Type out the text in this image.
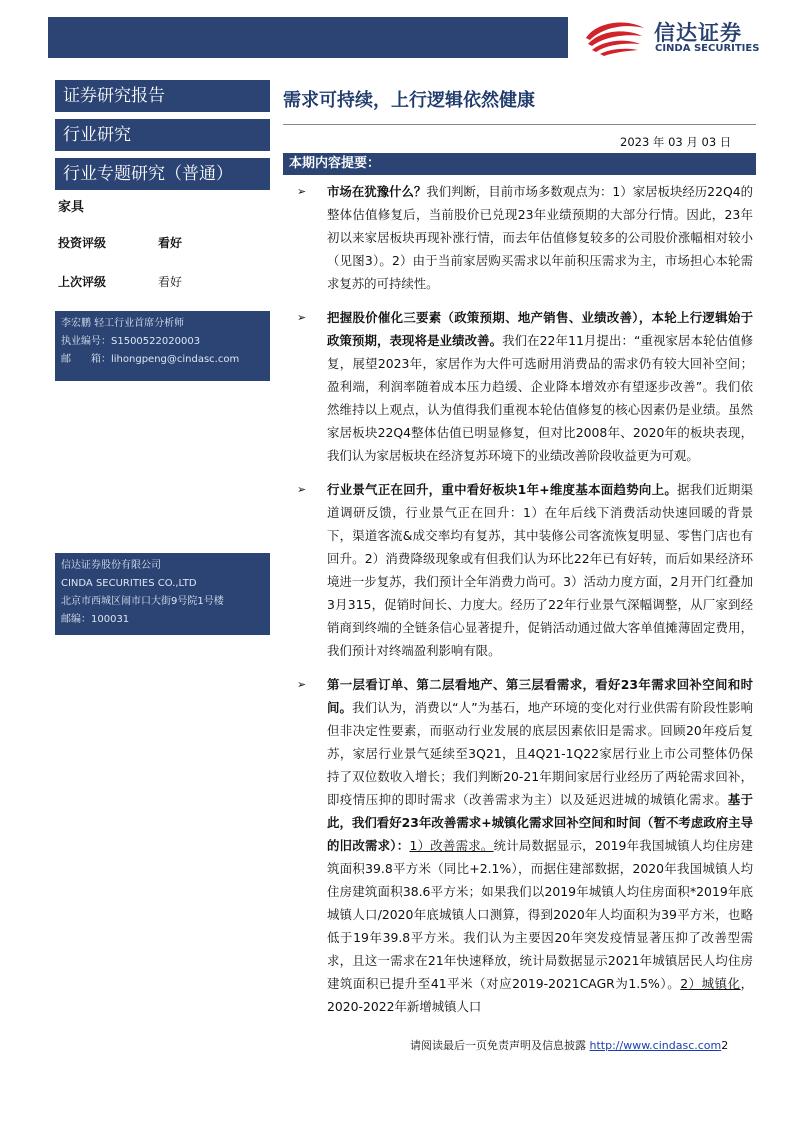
信达证券
CINDA SECURITIES
证券研究报告
行业研究
行业专题研究（普通）
家具
投资评级	看好
上次评级	看好
李宏鹏 轻工行业首席分析师
执业编号：S1500522020003
邮　　箱：lihongpeng@cindasc.com
信达证券股份有限公司
CINDA SECURITIES CO.,LTD
北京市西城区闹市口大街9号院1号楼
邮编：100031
需求可持续，上行逻辑依然健康
2023 年 03 月 03 日
本期内容提要：
➢ 市场在犹豫什么？我们判断，目前市场多数观点为：1）家居板块经历22Q4的整体估值修复后，当前股价已兑现23年业绩预期的大部分行情。因此，23年初以来家居板块再现补涨行情，而去年估值修复较多的公司股价涨幅相对较小（见图3）。2）由于当前家居购买需求以年前积压需求为主，市场担心本轮需求复苏的可持续性。
➢ 把握股价催化三要素（政策预期、地产销售、业绩改善），本轮上行逻辑始于政策预期，表现将是业绩改善。我们在22年11月提出：“重视家居本轮估值修复，展望2023年，家居作为大件可选耐用消费品的需求仍有较大回补空间；盈利端，利润率随着成本压力趋缓、企业降本增效亦有望逐步改善”。我们依然维持以上观点，认为值得我们重视本轮估值修复的核心因素仍是业绩。虽然家居板块22Q4整体估值已明显修复，但对比2008年、2020年的板块表现，我们认为家居板块在经济复苏环境下的业绩改善阶段收益更为可观。
➢ 行业景气正在回升，重中看好板块1年+维度基本面趋势向上。据我们近期渠道调研反馈，行业景气正在回升：1）在年后线下消费活动快速回暖的背景下，渠道客流&成交率均有复苏，其中装修公司客流恢复明显、零售门店也有回升。2）消费降级现象或有但我们认为环比22年已有好转，而后如果经济环境进一步复苏，我们预计全年消费力尚可。3）活动力度方面，2月开门红叠加3月315，促销时间长、力度大。经历了22年行业景气深幅调整，从厂家到经销商到终端的全链条信心显著提升，促销活动通过做大客单值摊薄固定费用，我们预计对终端盈利影响有限。
➢ 第一层看订单、第二层看地产、第三层看需求，看好23年需求回补空间和时间。我们认为，消费以“人”为基石，地产环境的变化对行业供需有阶段性影响但非决定性要素，而驱动行业发展的底层因素依旧是需求。回顾20年疫后复苏，家居行业景气延续至3Q21，且4Q21-1Q22家居行业上市公司整体仍保持了双位数收入增长；我们判断20-21年期间家居行业经历了两轮需求回补，即疫情压抑的即时需求（改善需求为主）以及延迟进城的城镇化需求。基于此，我们看好23年改善需求+城镇化需求回补空间和时间（暂不考虑政府主导的旧改需求）：1）改善需求。统计局数据显示，2019年我国城镇人均住房建筑面积39.8平方米（同比+2.1%），而据住建部数据，2020年我国城镇人均住房建筑面积38.6平方米；如果我们以2019年城镇人均住房面积*2019年底城镇人口/2020年底城镇人口测算，得到2020年人均面积为39平方米，也略低于19年39.8平方米。我们认为主要因20年突发疫情显著压抑了改善型需求，且这一需求在21年快速释放，统计局数据显示2021年城镇居民人均住房建筑面积已提升至41平米（对应2019-2021CAGR为1.5%）。2）城镇化，2020-2022年新增城镇人口
请阅读最后一页免责声明及信息披露 http://www.cindasc.com2
